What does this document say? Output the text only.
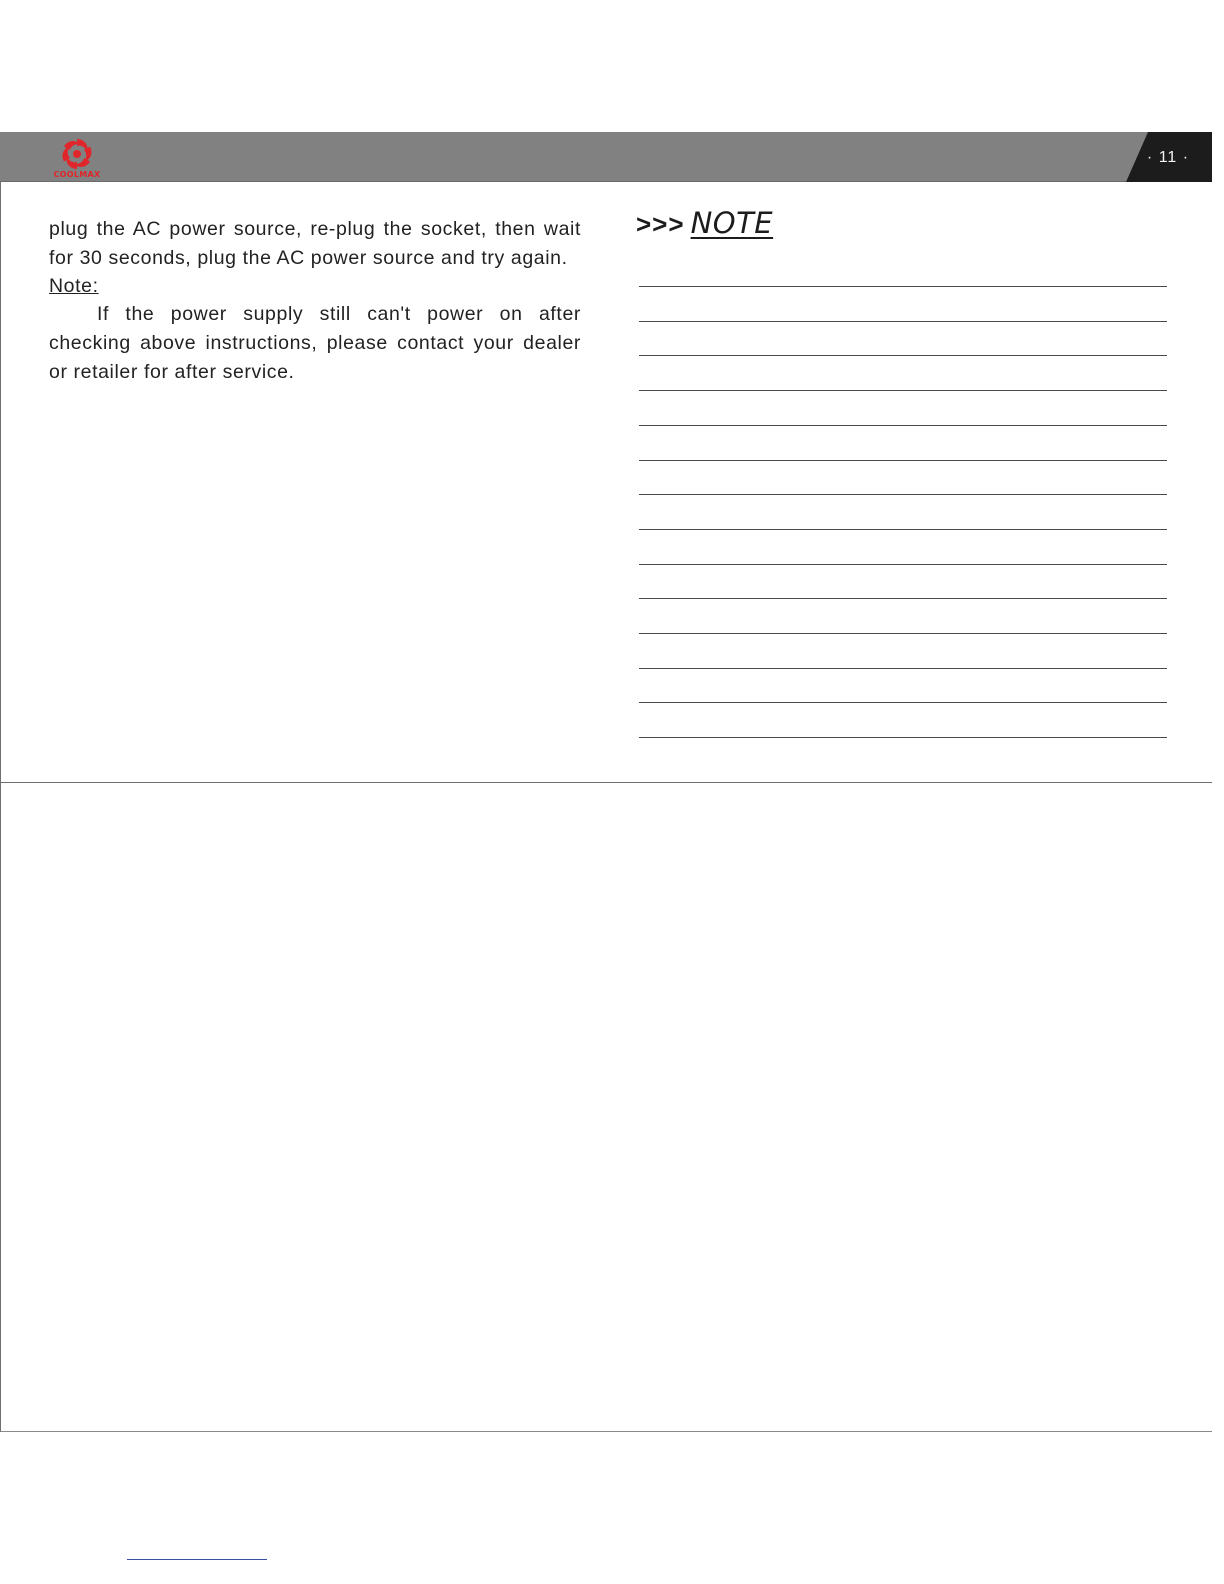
COOLMAX
· 11 ·

plug the AC power source, re-plug the socket, then wait for 30 seconds, plug the AC power source and try again.

Note:

If the power supply still can't power on after checking above instructions, please contact your dealer or retailer for after service.

>>> NOTE
